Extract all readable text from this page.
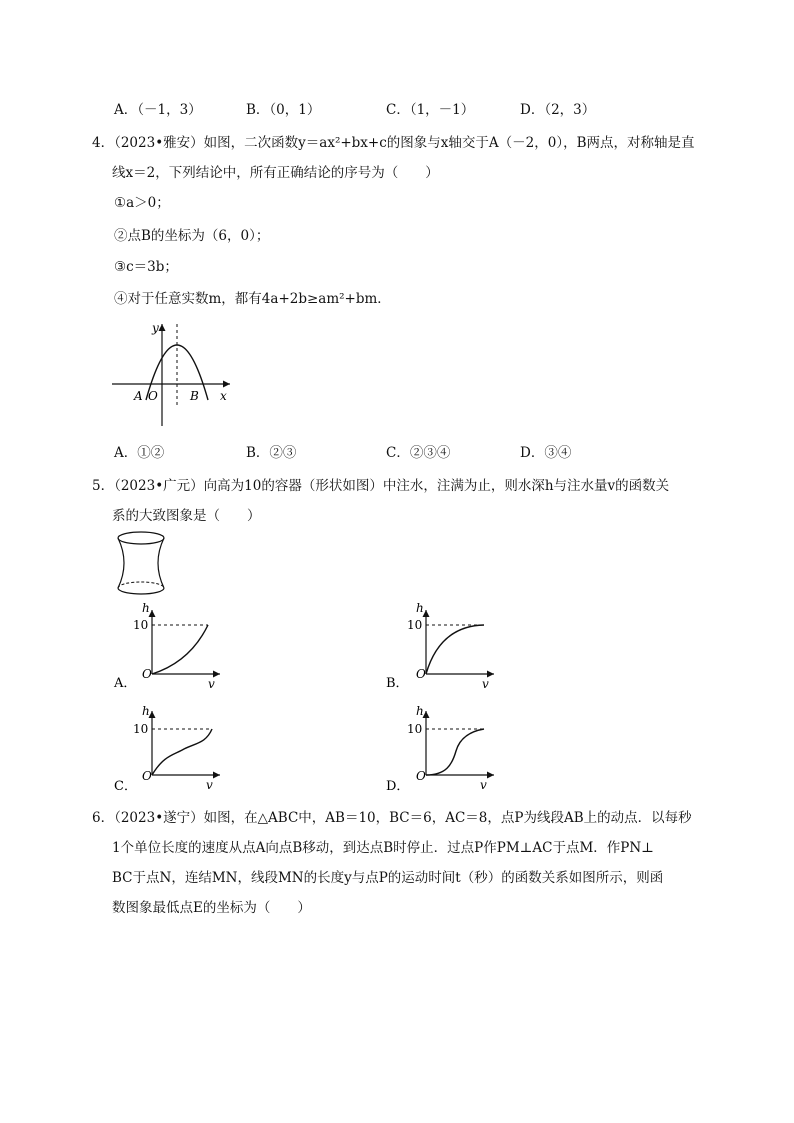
A．（－1，3）	B．（0，1）	C．（1，－1）	D．（2，3）
4．（2023•雅安）如图，二次函数y＝ax²+bx+c的图象与x轴交于A（－2，0），B两点，对称轴是直
线x＝2，下列结论中，所有正确结论的序号为（　　）
①a＞0；
②点B的坐标为（6，0）；
③c＝3b；
④对于任意实数m，都有4a+2b≥am²+bm．
y
x
A O	B
A．①②	B．②③	C．②③④	D．③④
5．（2023•广元）向高为10的容器（形状如图）中注水，注满为止，则水深h与注水量v的函数关
系的大致图象是（　　）
h
10
O
v
A．
h
10
O
v
B．
h
10
O
v
C．
h
10
O
v
D．
6．（2023•遂宁）如图，在△ABC中，AB＝10，BC＝6，AC＝8，点P为线段AB上的动点．以每秒
1个单位长度的速度从点A向点B移动，到达点B时停止．过点P作PM⊥AC于点M．作PN⊥
BC于点N，连结MN，线段MN的长度y与点P的运动时间t（秒）的函数关系如图所示，则函
数图象最低点E的坐标为（　　）
